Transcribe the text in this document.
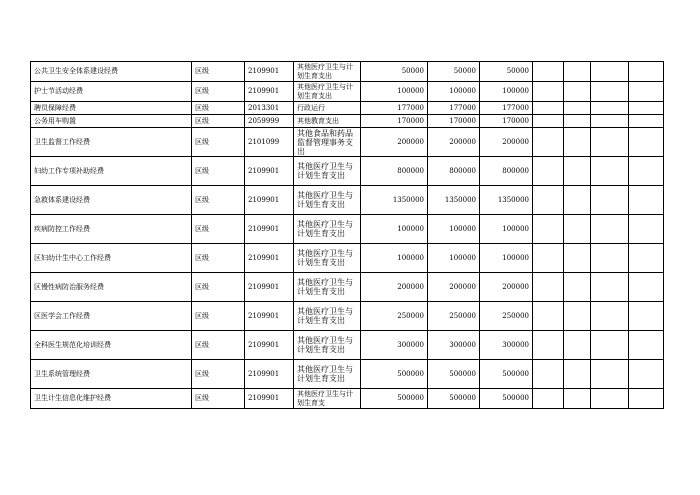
公共卫生安全体系建设经费	区级	2109901	其他医疗卫生与计划生育支出	50000	50000	50000				
护士节活动经费	区级	2109901	其他医疗卫生与计划生育支出	100000	100000	100000				
聘员保障经费	区级	2013301	行政运行	177000	177000	177000				
公务用车购置	区级	2059999	其他教育支出	170000	170000	170000				
卫生监督工作经费	区级	2101099	其他食品和药品监督管理事务支出	200000	200000	200000				
妇幼工作专项补助经费	区级	2109901	其他医疗卫生与计划生育支出	800000	800000	800000				
急救体系建设经费	区级	2109901	其他医疗卫生与计划生育支出	1350000	1350000	1350000				
疾病防控工作经费	区级	2109901	其他医疗卫生与计划生育支出	100000	100000	100000				
区妇幼计生中心工作经费	区级	2109901	其他医疗卫生与计划生育支出	100000	100000	100000				
区慢性病防治服务经费	区级	2109901	其他医疗卫生与计划生育支出	200000	200000	200000				
区医学会工作经费	区级	2109901	其他医疗卫生与计划生育支出	250000	250000	250000				
全科医生规范化培训经费	区级	2109901	其他医疗卫生与计划生育支出	300000	300000	300000				
卫生系统管理经费	区级	2109901	其他医疗卫生与计划生育支出	500000	500000	500000				
卫生计生信息化维护经费	区级	2109901	其他医疗卫生与计划生育支	500000	500000	500000				
